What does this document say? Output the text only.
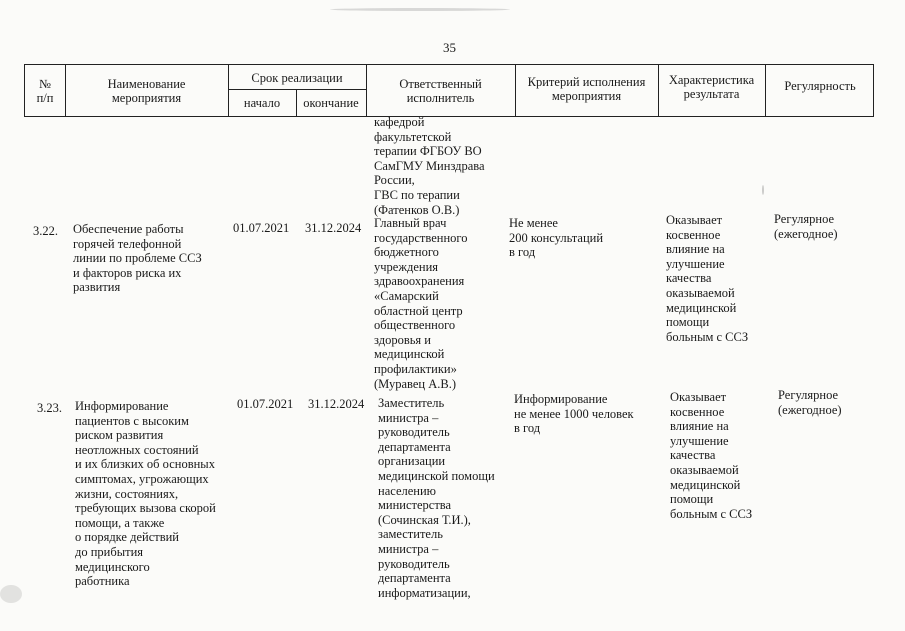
35
№
п/п
Наименование
мероприятия
Срок реализации
начало	окончание
Ответственный
исполнитель
Критерий исполнения
мероприятия
Характеристика
результата
Регулярность
кафедрой
факультетской
терапии ФГБОУ ВО
СамГМУ Минздрава
России,
ГВС по терапии
(Фатенков О.В.)
3.22. Обеспечение работы
горячей телефонной
линии по проблеме ССЗ
и факторов риска их
развития
01.07.2021 31.12.2024 Главный врач
государственного
бюджетного
учреждения
здравоохранения
«Самарский
областной центр
общественного
здоровья и
медицинской
профилактики»
(Муравец А.В.)
Не менее
200 консультаций
в год
Оказывает
косвенное
влияние на
улучшение
качества
оказываемой
медицинской
помощи
больным с ССЗ
Регулярное
(ежегодное)
3.23. Информирование
пациентов с высоким
риском развития
неотложных состояний
и их близких об основных
симптомах, угрожающих
жизни, состояниях,
требующих вызова скорой
помощи, а также
о порядке действий
до прибытия
медицинского
работника
01.07.2021 31.12.2024 Заместитель
министра –
руководитель
департамента
организации
медицинской помощи
населению
министерства
(Сочинская Т.И.),
заместитель
министра –
руководитель
департамента
информатизации,
Информирование
не менее 1000 человек
в год
Оказывает
косвенное
влияние на
улучшение
качества
оказываемой
медицинской
помощи
больным с ССЗ
Регулярное
(ежегодное)
